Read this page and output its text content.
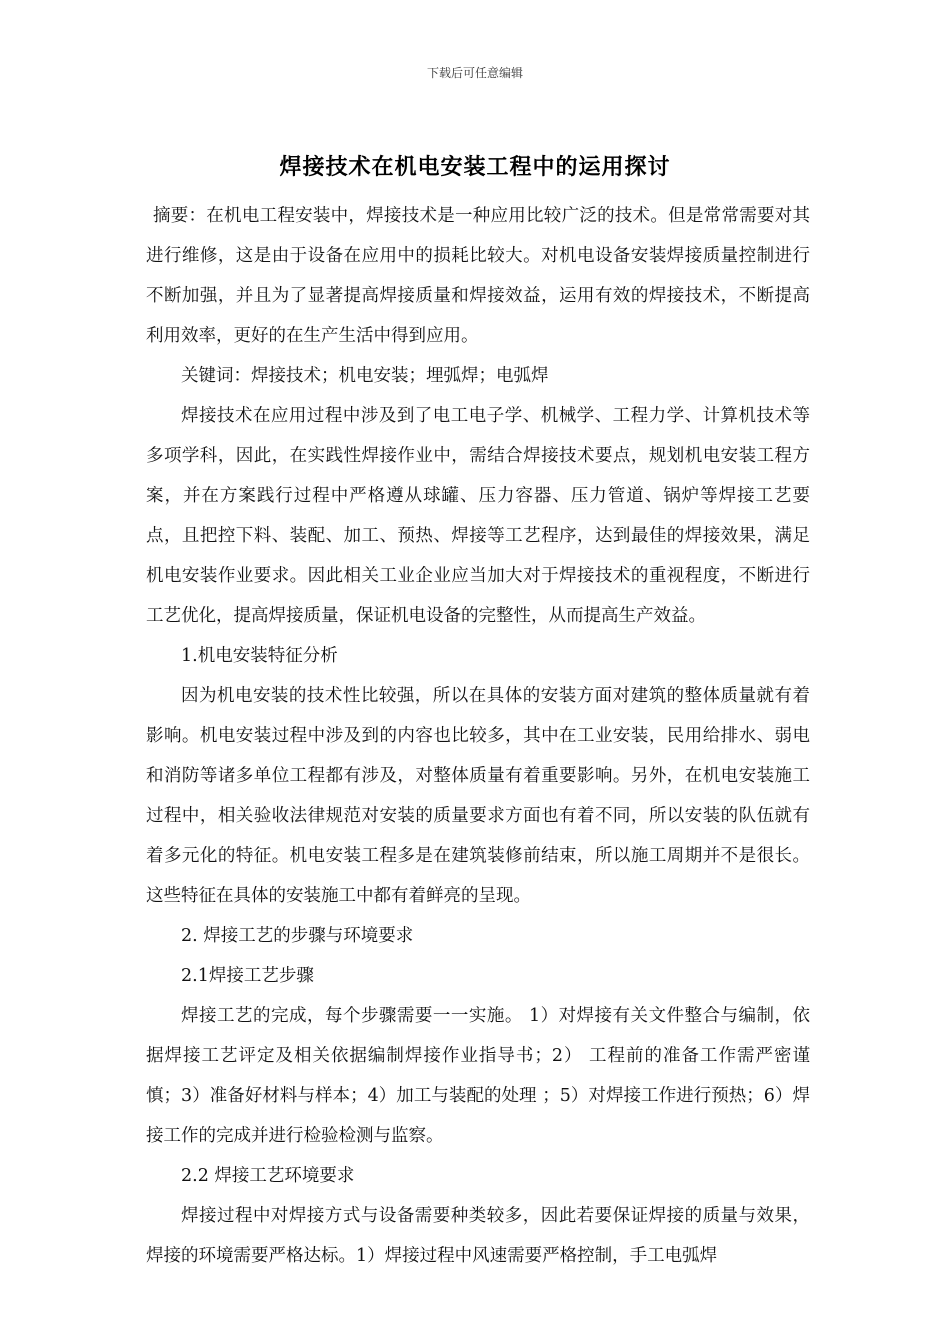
下载后可任意编辑
焊接技术在机电安装工程中的运用探讨

摘要：在机电工程安装中，焊接技术是一种应用比较广泛的技术。但是常常需要对其进行维修，这是由于设备在应用中的损耗比较大。对机电设备安装焊接质量控制进行不断加强，并且为了显著提高焊接质量和焊接效益，运用有效的焊接技术，不断提高利用效率，更好的在生产生活中得到应用。

关键词：焊接技术；机电安装；埋弧焊；电弧焊

焊接技术在应用过程中涉及到了电工电子学、机械学、工程力学、计算机技术等多项学科，因此，在实践性焊接作业中，需结合焊接技术要点，规划机电安装工程方案，并在方案践行过程中严格遵从球罐、压力容器、压力管道、锅炉等焊接工艺要点，且把控下料、装配、加工、预热、焊接等工艺程序，达到最佳的焊接效果，满足机电安装作业要求。因此相关工业企业应当加大对于焊接技术的重视程度，不断进行工艺优化，提高焊接质量，保证机电设备的完整性，从而提高生产效益。

1.机电安装特征分析

因为机电安装的技术性比较强，所以在具体的安装方面对建筑的整体质量就有着影响。机电安装过程中涉及到的内容也比较多，其中在工业安装，民用给排水、弱电和消防等诸多单位工程都有涉及，对整体质量有着重要影响。另外，在机电安装施工过程中，相关验收法律规范对安装的质量要求方面也有着不同，所以安装的队伍就有着多元化的特征。机电安装工程多是在建筑装修前结束，所以施工周期并不是很长。这些特征在具体的安装施工中都有着鲜亮的呈现。

2. 焊接工艺的步骤与环境要求

2.1焊接工艺步骤

焊接工艺的完成，每个步骤需要一一实施。 1）对焊接有关文件整合与编制，依据焊接工艺评定及相关依据编制焊接作业指导书；2） 工程前的准备工作需严密谨慎；3）准备好材料与样本；4）加工与装配的处理 ；5）对焊接工作进行预热；6）焊接工作的完成并进行检验检测与监察。

2.2 焊接工艺环境要求

焊接过程中对焊接方式与设备需要种类较多，因此若要保证焊接的质量与效果，焊接的环境需要严格达标。1）焊接过程中风速需要严格控制，手工电弧焊
